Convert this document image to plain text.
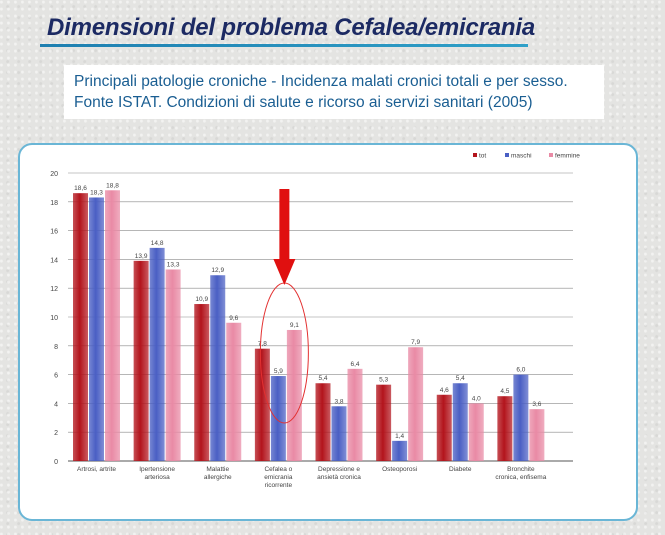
Dimensioni del problema Cefalea/emicrania
Principali patologie croniche - Incidenza malati cronici totali e per sesso.
Fonte ISTAT. Condizioni di salute e ricorso ai servizi sanitari (2005)
0
2
4
6
8
10
12
14
16
18
20
18,6
18,3
18,8
Artrosi, artrite
13,9
14,8
13,3
Ipertensione arteriosa
10,9
12,9
9,6
Malattie allergiche
7,8
5,9
9,1
Cefalea o emicrania ricorrente
5,4
3,8
6,4
Depressione e ansietà cronica
5,3
1,4
7,9
Osteoporosi
4,6
5,4
4,0
Diabete
4,5
6,0
3,6
Bronchite cronica, enfisema
tot	maschi	femmine
